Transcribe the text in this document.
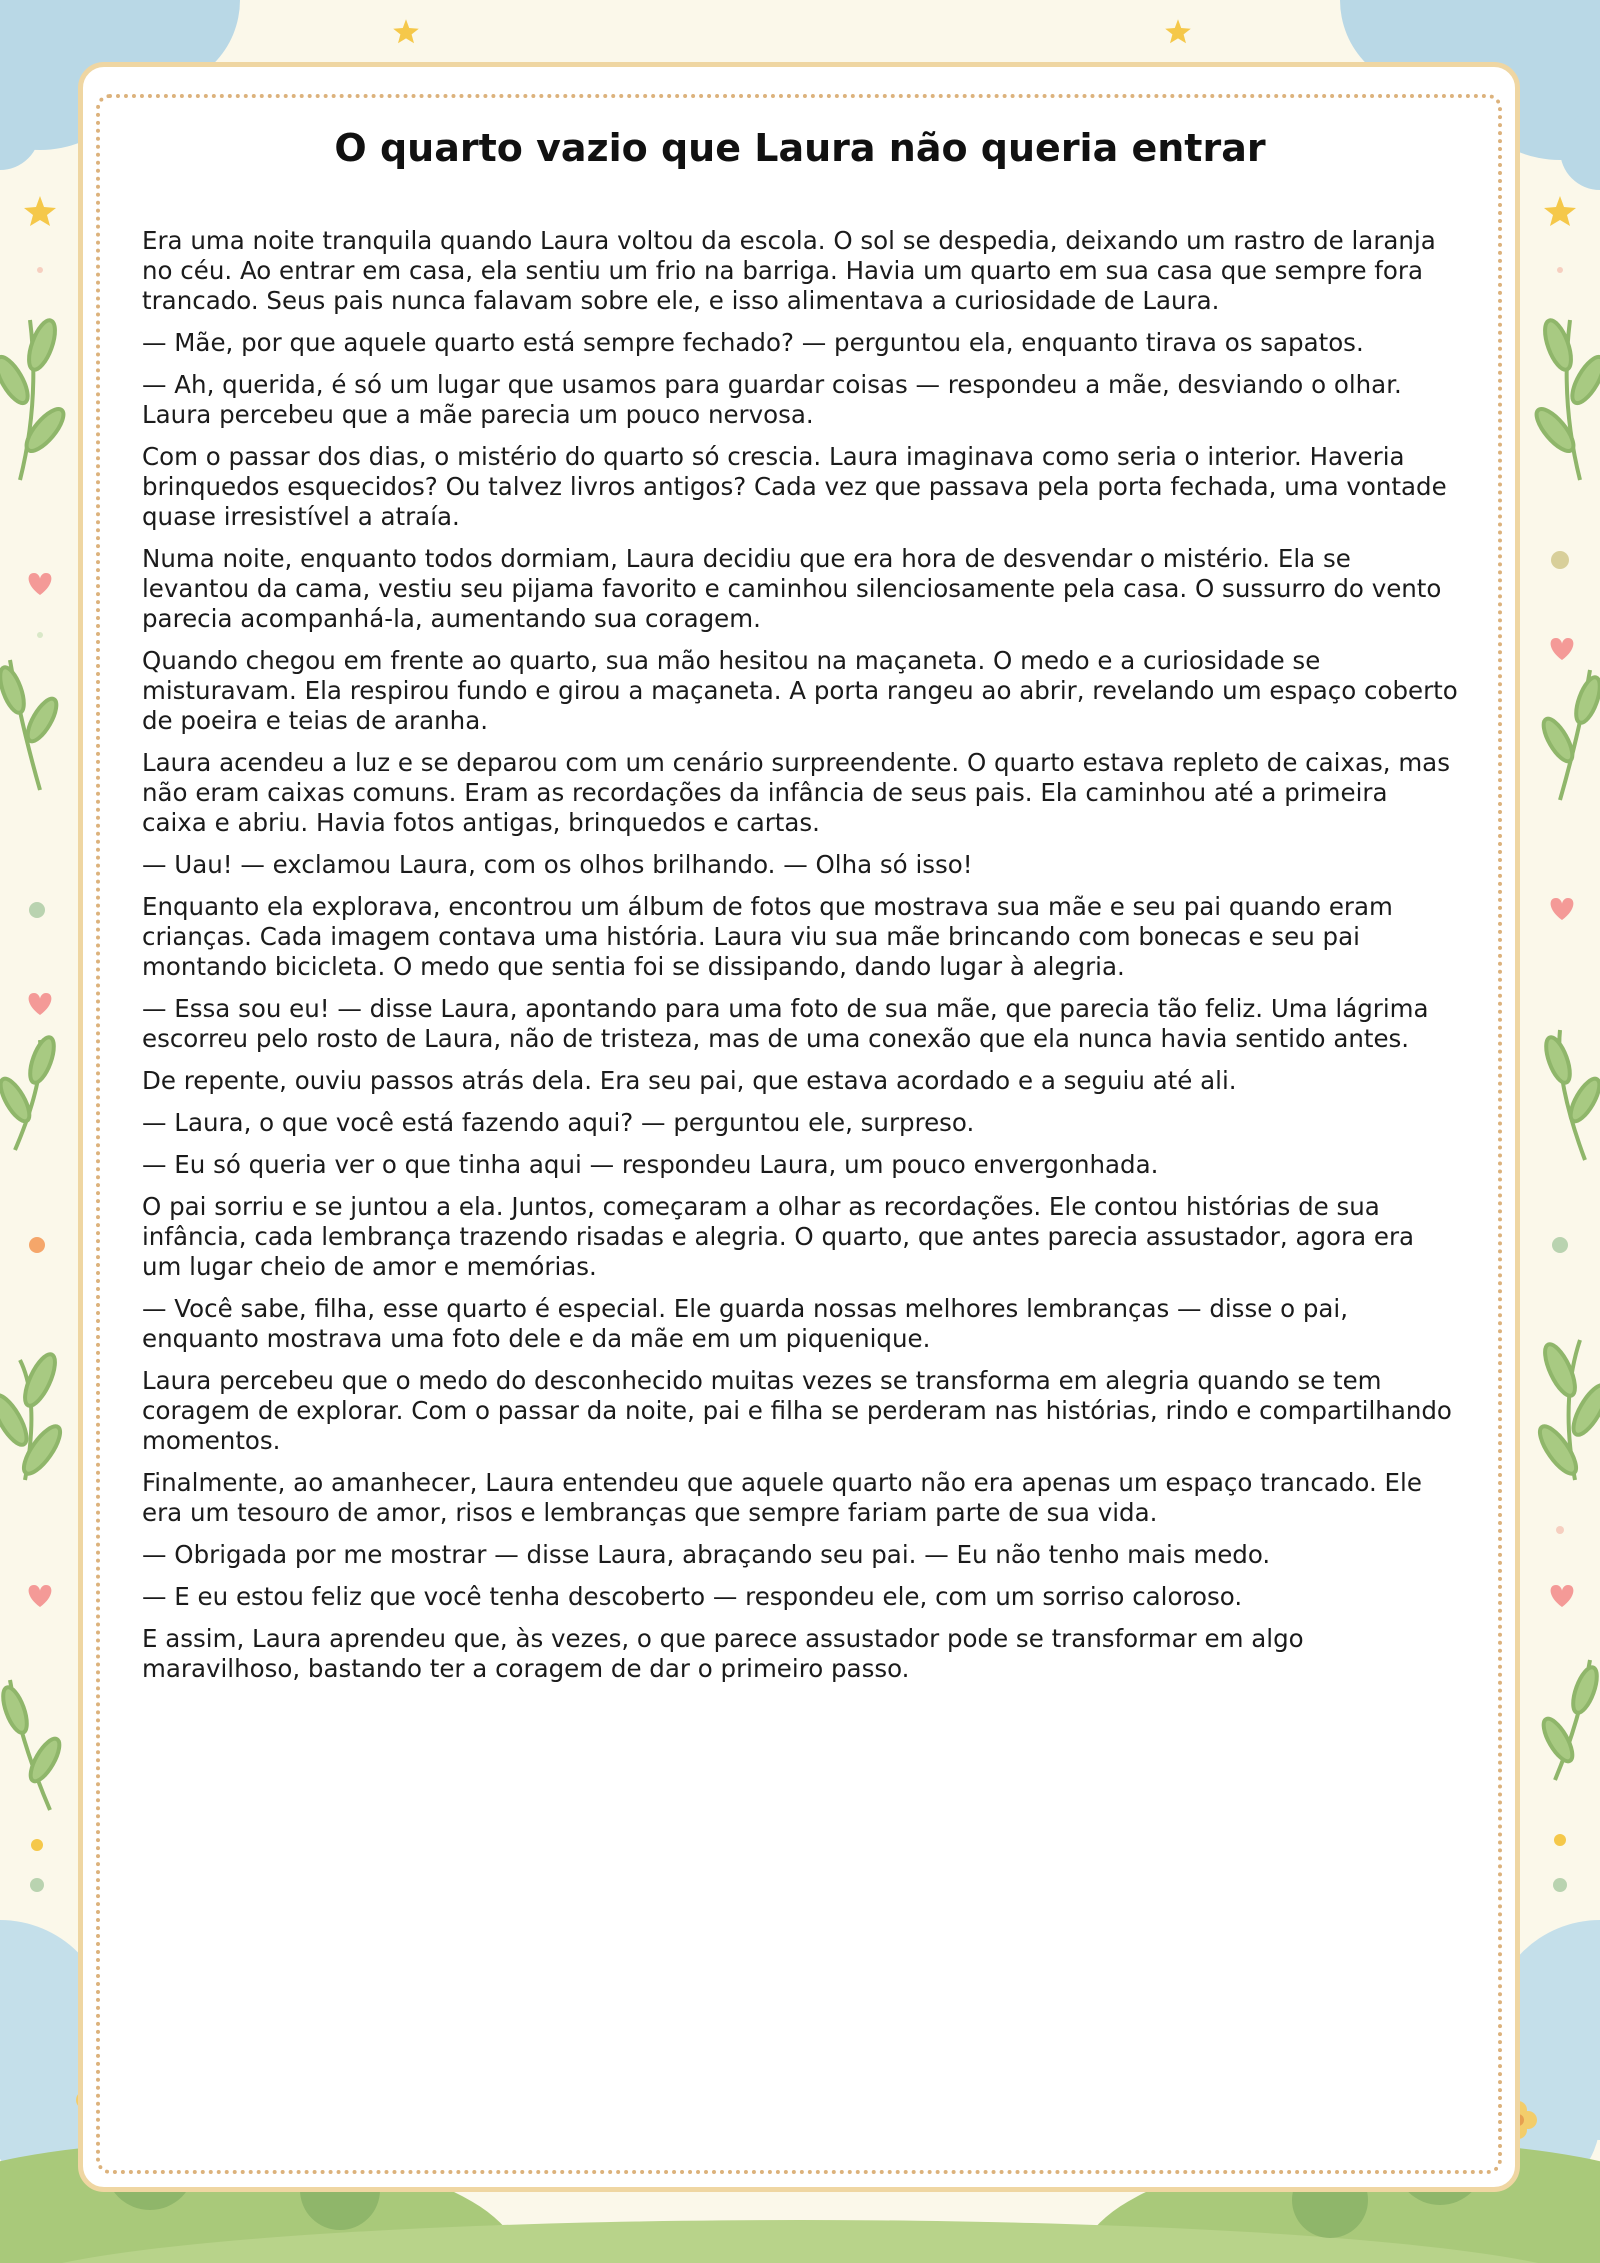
O quarto vazio que Laura não queria entrar

Era uma noite tranquila quando Laura voltou da escola. O sol se despedia, deixando um rastro de laranja no céu. Ao entrar em casa, ela sentiu um frio na barriga. Havia um quarto em sua casa que sempre fora trancado. Seus pais nunca falavam sobre ele, e isso alimentava a curiosidade de Laura.

— Mãe, por que aquele quarto está sempre fechado? — perguntou ela, enquanto tirava os sapatos.

— Ah, querida, é só um lugar que usamos para guardar coisas — respondeu a mãe, desviando o olhar. Laura percebeu que a mãe parecia um pouco nervosa.

Com o passar dos dias, o mistério do quarto só crescia. Laura imaginava como seria o interior. Haveria brinquedos esquecidos? Ou talvez livros antigos? Cada vez que passava pela porta fechada, uma vontade quase irresistível a atraía.

Numa noite, enquanto todos dormiam, Laura decidiu que era hora de desvendar o mistério. Ela se levantou da cama, vestiu seu pijama favorito e caminhou silenciosamente pela casa. O sussurro do vento parecia acompanhá-la, aumentando sua coragem.

Quando chegou em frente ao quarto, sua mão hesitou na maçaneta. O medo e a curiosidade se misturavam. Ela respirou fundo e girou a maçaneta. A porta rangeu ao abrir, revelando um espaço coberto de poeira e teias de aranha.

Laura acendeu a luz e se deparou com um cenário surpreendente. O quarto estava repleto de caixas, mas não eram caixas comuns. Eram as recordações da infância de seus pais. Ela caminhou até a primeira caixa e abriu. Havia fotos antigas, brinquedos e cartas.

— Uau! — exclamou Laura, com os olhos brilhando. — Olha só isso!

Enquanto ela explorava, encontrou um álbum de fotos que mostrava sua mãe e seu pai quando eram crianças. Cada imagem contava uma história. Laura viu sua mãe brincando com bonecas e seu pai montando bicicleta. O medo que sentia foi se dissipando, dando lugar à alegria.

— Essa sou eu! — disse Laura, apontando para uma foto de sua mãe, que parecia tão feliz. Uma lágrima escorreu pelo rosto de Laura, não de tristeza, mas de uma conexão que ela nunca havia sentido antes.

De repente, ouviu passos atrás dela. Era seu pai, que estava acordado e a seguiu até ali.

— Laura, o que você está fazendo aqui? — perguntou ele, surpreso.

— Eu só queria ver o que tinha aqui — respondeu Laura, um pouco envergonhada.

O pai sorriu e se juntou a ela. Juntos, começaram a olhar as recordações. Ele contou histórias de sua infância, cada lembrança trazendo risadas e alegria. O quarto, que antes parecia assustador, agora era um lugar cheio de amor e memórias.

— Você sabe, filha, esse quarto é especial. Ele guarda nossas melhores lembranças — disse o pai, enquanto mostrava uma foto dele e da mãe em um piquenique.

Laura percebeu que o medo do desconhecido muitas vezes se transforma em alegria quando se tem coragem de explorar. Com o passar da noite, pai e filha se perderam nas histórias, rindo e compartilhando momentos.

Finalmente, ao amanhecer, Laura entendeu que aquele quarto não era apenas um espaço trancado. Ele era um tesouro de amor, risos e lembranças que sempre fariam parte de sua vida.

— Obrigada por me mostrar — disse Laura, abraçando seu pai. — Eu não tenho mais medo.

— E eu estou feliz que você tenha descoberto — respondeu ele, com um sorriso caloroso.

E assim, Laura aprendeu que, às vezes, o que parece assustador pode se transformar em algo maravilhoso, bastando ter a coragem de dar o primeiro passo.
